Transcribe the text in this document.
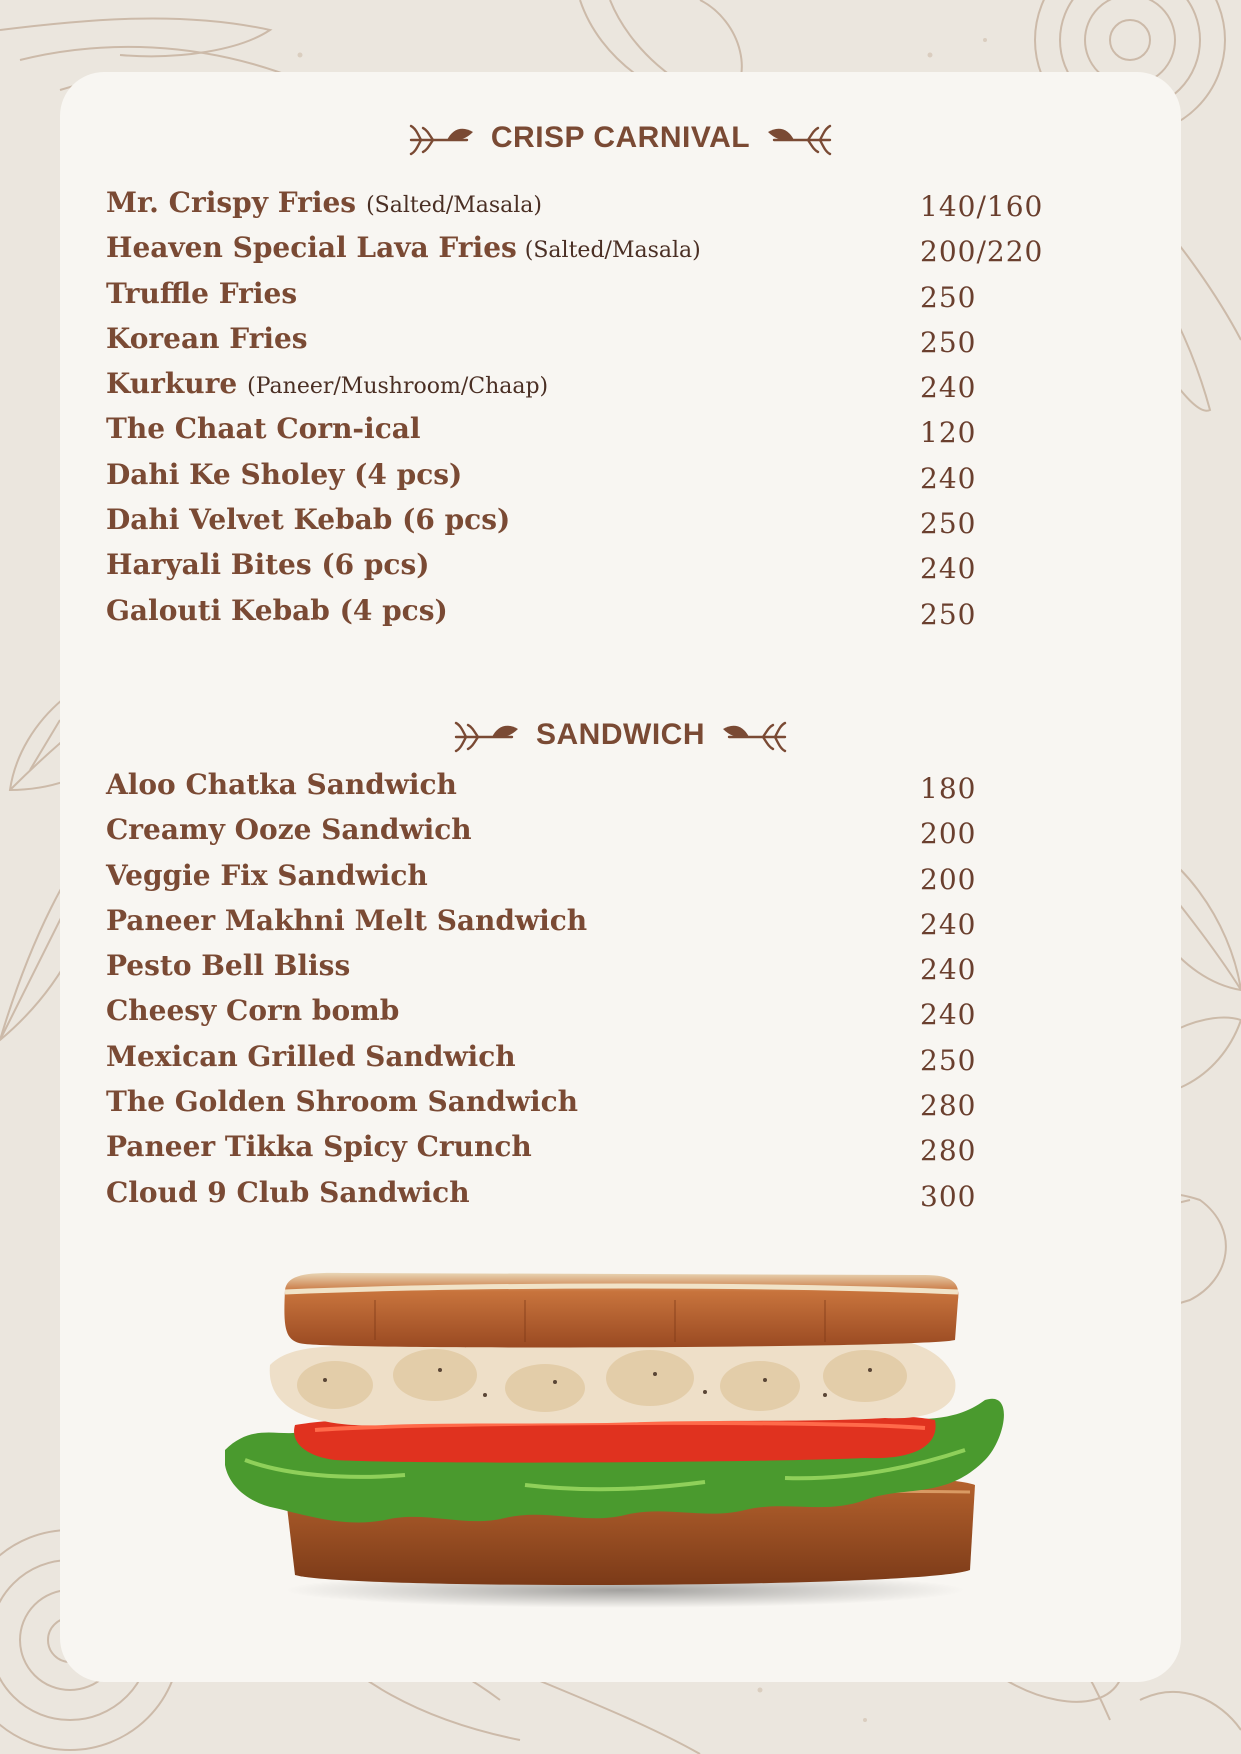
CRISP CARNIVAL
Mr. Crispy Fries (Salted/Masala)	140/160
Heaven Special Lava Fries (Salted/Masala)	200/220
Truffle Fries	250
Korean Fries	250
Kurkure (Paneer/Mushroom/Chaap)	240
The Chaat Corn-ical	120
Dahi Ke Sholey (4 pcs)	240
Dahi Velvet Kebab (6 pcs)	250
Haryali Bites (6 pcs)	240
Galouti Kebab (4 pcs)	250
SANDWICH
Aloo Chatka Sandwich	180
Creamy Ooze Sandwich	200
Veggie Fix Sandwich	200
Paneer Makhni Melt Sandwich	240
Pesto Bell Bliss	240
Cheesy Corn bomb	240
Mexican Grilled Sandwich	250
The Golden Shroom Sandwich	280
Paneer Tikka Spicy Crunch	280
Cloud 9 Club Sandwich	300
